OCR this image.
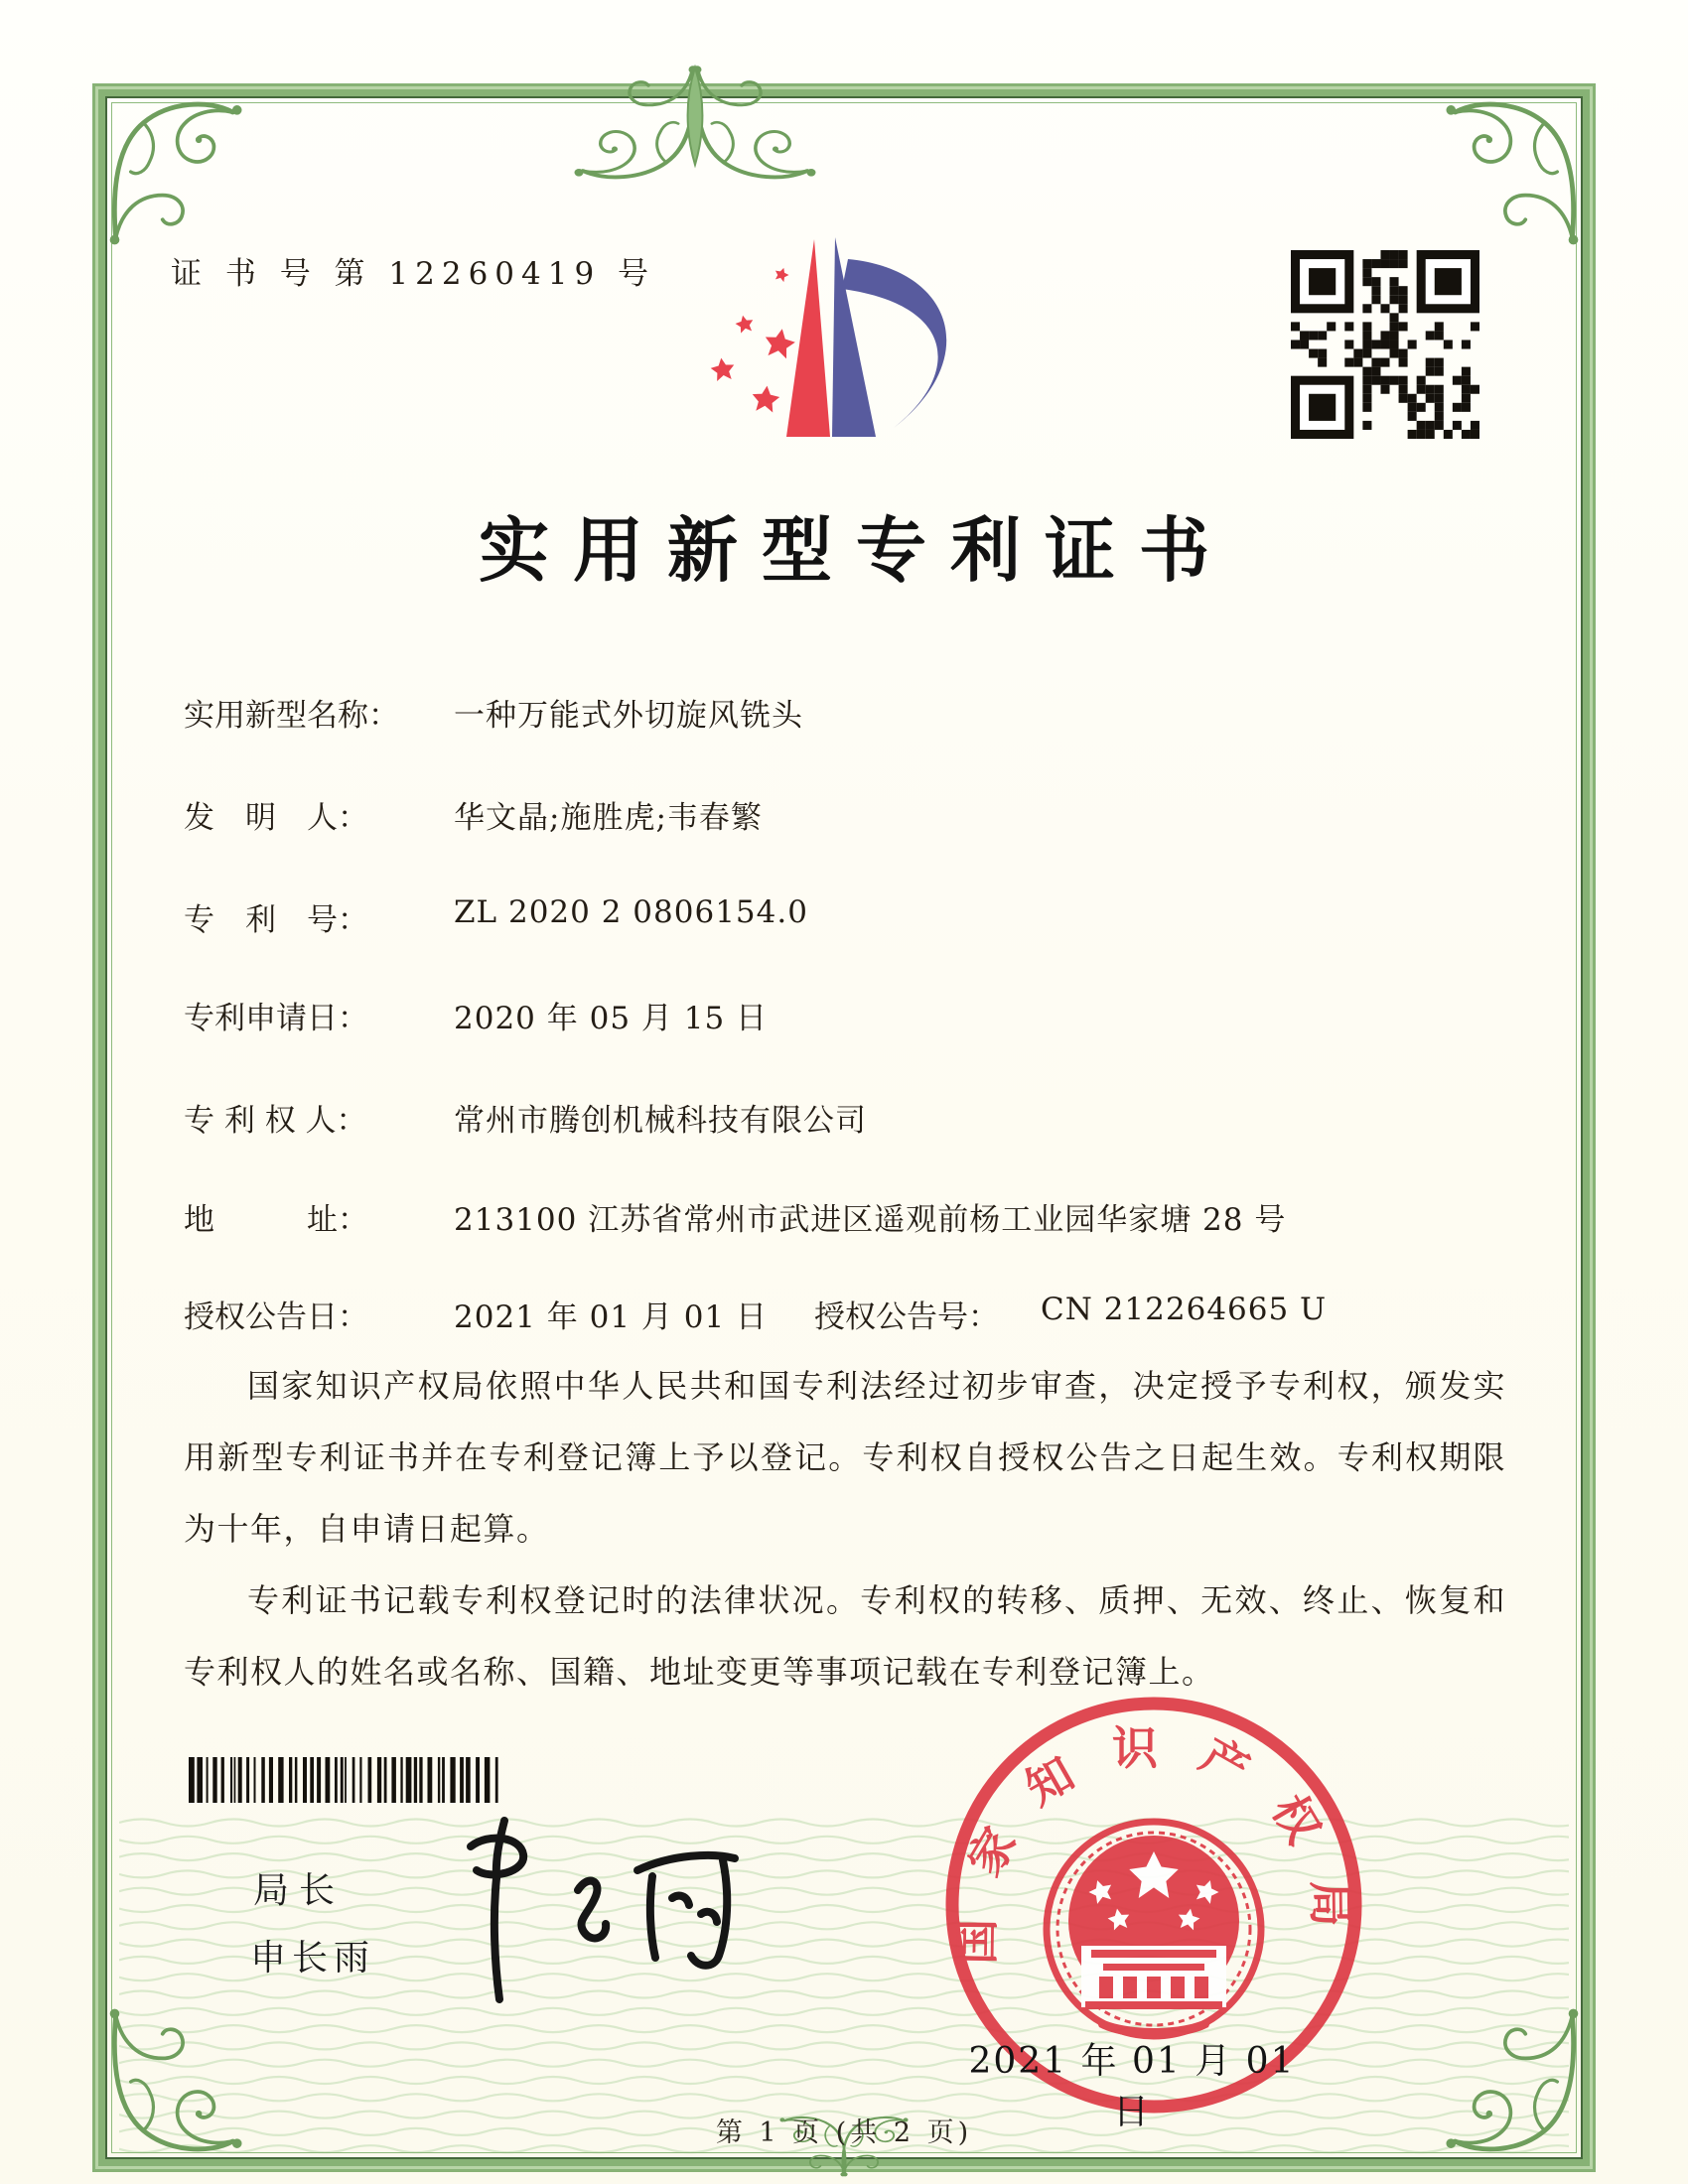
证 书 号 第 12260419 号
实用新型专利证书
实用新型名称：	一种万能式外切旋风铣头
发　明　人：	华文晶;施胜虎;韦春繁
专　利　号：	ZL 2020 2 0806154.0
专利申请日：	2020 年 05 月 15 日
专 利 权 人：	常州市腾创机械科技有限公司
地　　　址：	213100 江苏省常州市武进区遥观前杨工业园华家塘 28 号
授权公告日：	2021 年 01 月 01 日 授权公告号：	CN 212264665 U

国家知识产权局依照中华人民共和国专利法经过初步审查，决定授予专利权，颁发实用新型专利证书并在专利登记簿上予以登记。专利权自授权公告之日起生效。专利权期限为十年，自申请日起算。

专利证书记载专利权登记时的法律状况。专利权的转移、质押、无效、终止、恢复和专利权人的姓名或名称、国籍、地址变更等事项记载在专利登记簿上。

局长
申长雨	国家知识产权局
2021 年 01 月 01 日
第 1 页 (共 2 页)
